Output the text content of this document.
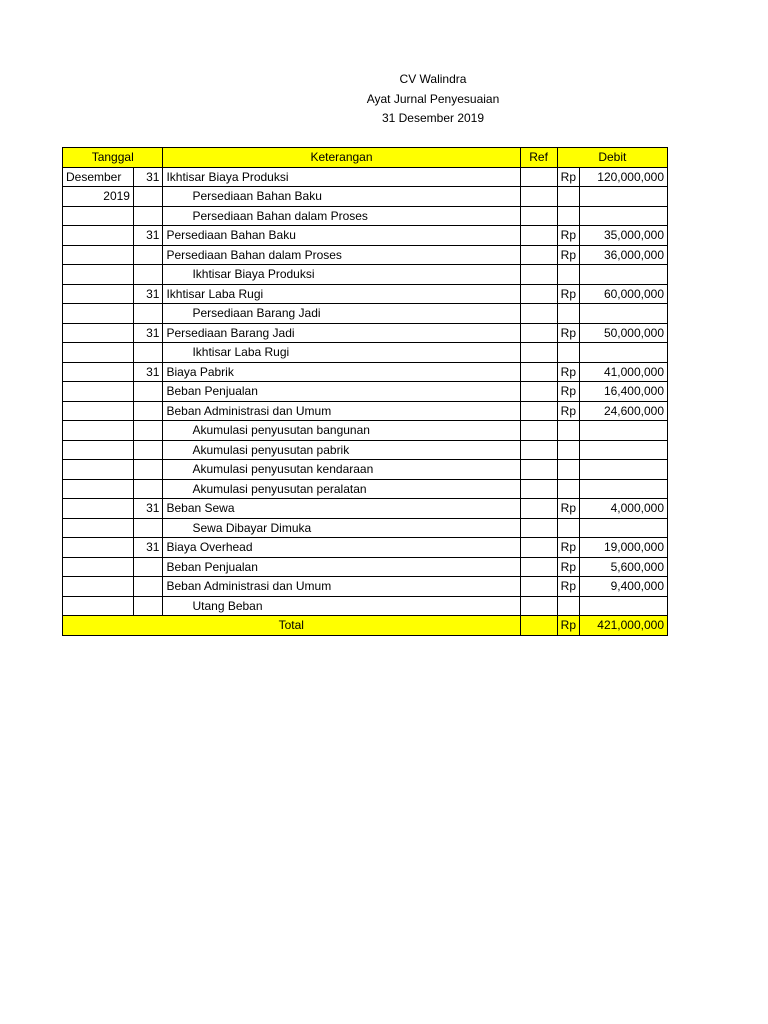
CV Walindra
Ayat Jurnal Penyesuaian
31 Desember 2019
Tanggal		Keterangan	Ref	Debit	
Desember	31	Ikhtisar Biaya Produksi		Rp	120,000,000
2019		Persediaan Bahan Baku			
		Persediaan Bahan dalam Proses			
	31	Persediaan Bahan Baku		Rp	35,000,000
		Persediaan Bahan dalam Proses		Rp	36,000,000
		Ikhtisar Biaya Produksi			
	31	Ikhtisar Laba Rugi		Rp	60,000,000
		Persediaan Barang Jadi			
	31	Persediaan Barang Jadi		Rp	50,000,000
		Ikhtisar Laba Rugi			
	31	Biaya Pabrik		Rp	41,000,000
		Beban Penjualan		Rp	16,400,000
		Beban Administrasi dan Umum		Rp	24,600,000
		Akumulasi penyusutan bangunan			
		Akumulasi penyusutan pabrik			
		Akumulasi penyusutan kendaraan			
		Akumulasi penyusutan peralatan			
	31	Beban Sewa		Rp	4,000,000
		Sewa Dibayar Dimuka			
	31	Biaya Overhead		Rp	19,000,000
		Beban Penjualan		Rp	5,600,000
		Beban Administrasi dan Umum		Rp	9,400,000
		Utang Beban			
Total				Rp	421,000,000
